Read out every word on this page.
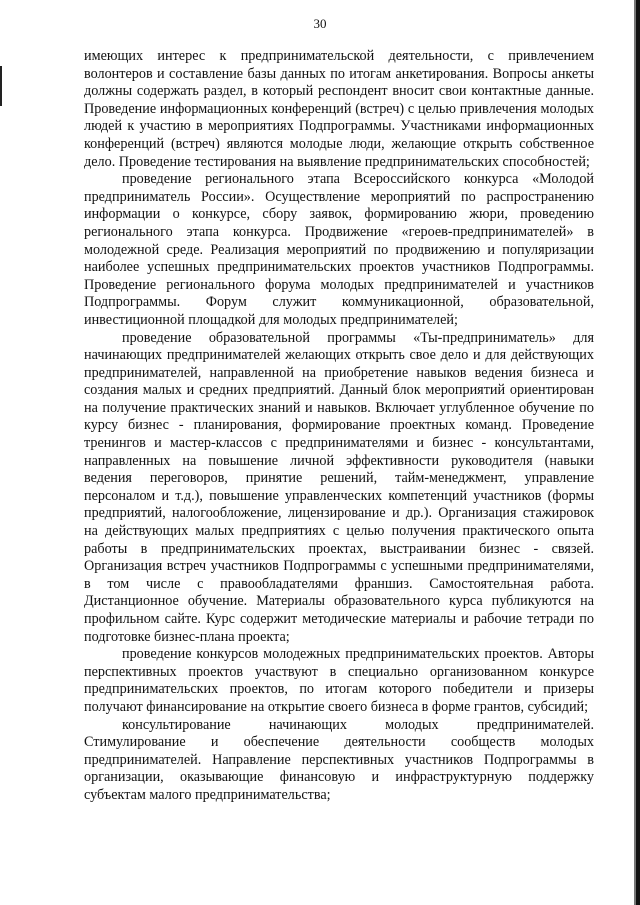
30

имеющих интерес к предпринимательской деятельности, с привлечением волонтеров и составление базы данных по итогам анкетирования. Вопросы анкеты должны содержать раздел, в который респондент вносит свои контактные данные. Проведение информационных конференций (встреч) с целью привлечения молодых людей к участию в мероприятиях Подпрограммы. Участниками информационных конференций (встреч) являются молодые люди, желающие открыть собственное дело. Проведение тестирования на выявление предпринимательских способностей;

проведение регионального этапа Всероссийского конкурса «Молодой предприниматель России». Осуществление мероприятий по распространению информации о конкурсе, сбору заявок, формированию жюри, проведению регионального этапа конкурса. Продвижение «героев-предпринимателей» в молодежной среде. Реализация мероприятий по продвижению и популяризации наиболее успешных предпринимательских проектов участников Подпрограммы. Проведение регионального форума молодых предпринимателей и участников Подпрограммы. Форум служит коммуникационной, образовательной, инвестиционной площадкой для молодых предпринимателей;

проведение образовательной программы «Ты-предприниматель» для начинающих предпринимателей желающих открыть свое дело и для действующих предпринимателей, направленной на приобретение навыков ведения бизнеса и создания малых и средних предприятий. Данный блок мероприятий ориентирован на получение практических знаний и навыков. Включает углубленное обучение по курсу бизнес - планирования, формирование проектных команд. Проведение тренингов и мастер-классов с предпринимателями и бизнес - консультантами, направленных на повышение личной эффективности руководителя (навыки ведения переговоров, принятие решений, тайм-менеджмент, управление персоналом и т.д.), повышение управленческих компетенций участников (формы предприятий, налогообложение, лицензирование и др.). Организация стажировок на действующих малых предприятиях с целью получения практического опыта работы в предпринимательских проектах, выстраивании бизнес - связей. Организация встреч участников Подпрограммы с успешными предпринимателями, в том числе с правообладателями франшиз. Самостоятельная работа. Дистанционное обучение. Материалы образовательного курса публикуются на профильном сайте. Курс содержит методические материалы и рабочие тетради по подготовке бизнес-плана проекта;

проведение конкурсов молодежных предпринимательских проектов. Авторы перспективных проектов участвуют в специально организованном конкурсе предпринимательских проектов, по итогам которого победители и призеры получают финансирование на открытие своего бизнеса в форме грантов, субсидий;

консультирование начинающих молодых предпринимателей. Стимулирование и обеспечение деятельности сообществ молодых предпринимателей. Направление перспективных участников Подпрограммы в организации, оказывающие финансовую и инфраструктурную поддержку субъектам малого предпринимательства;
